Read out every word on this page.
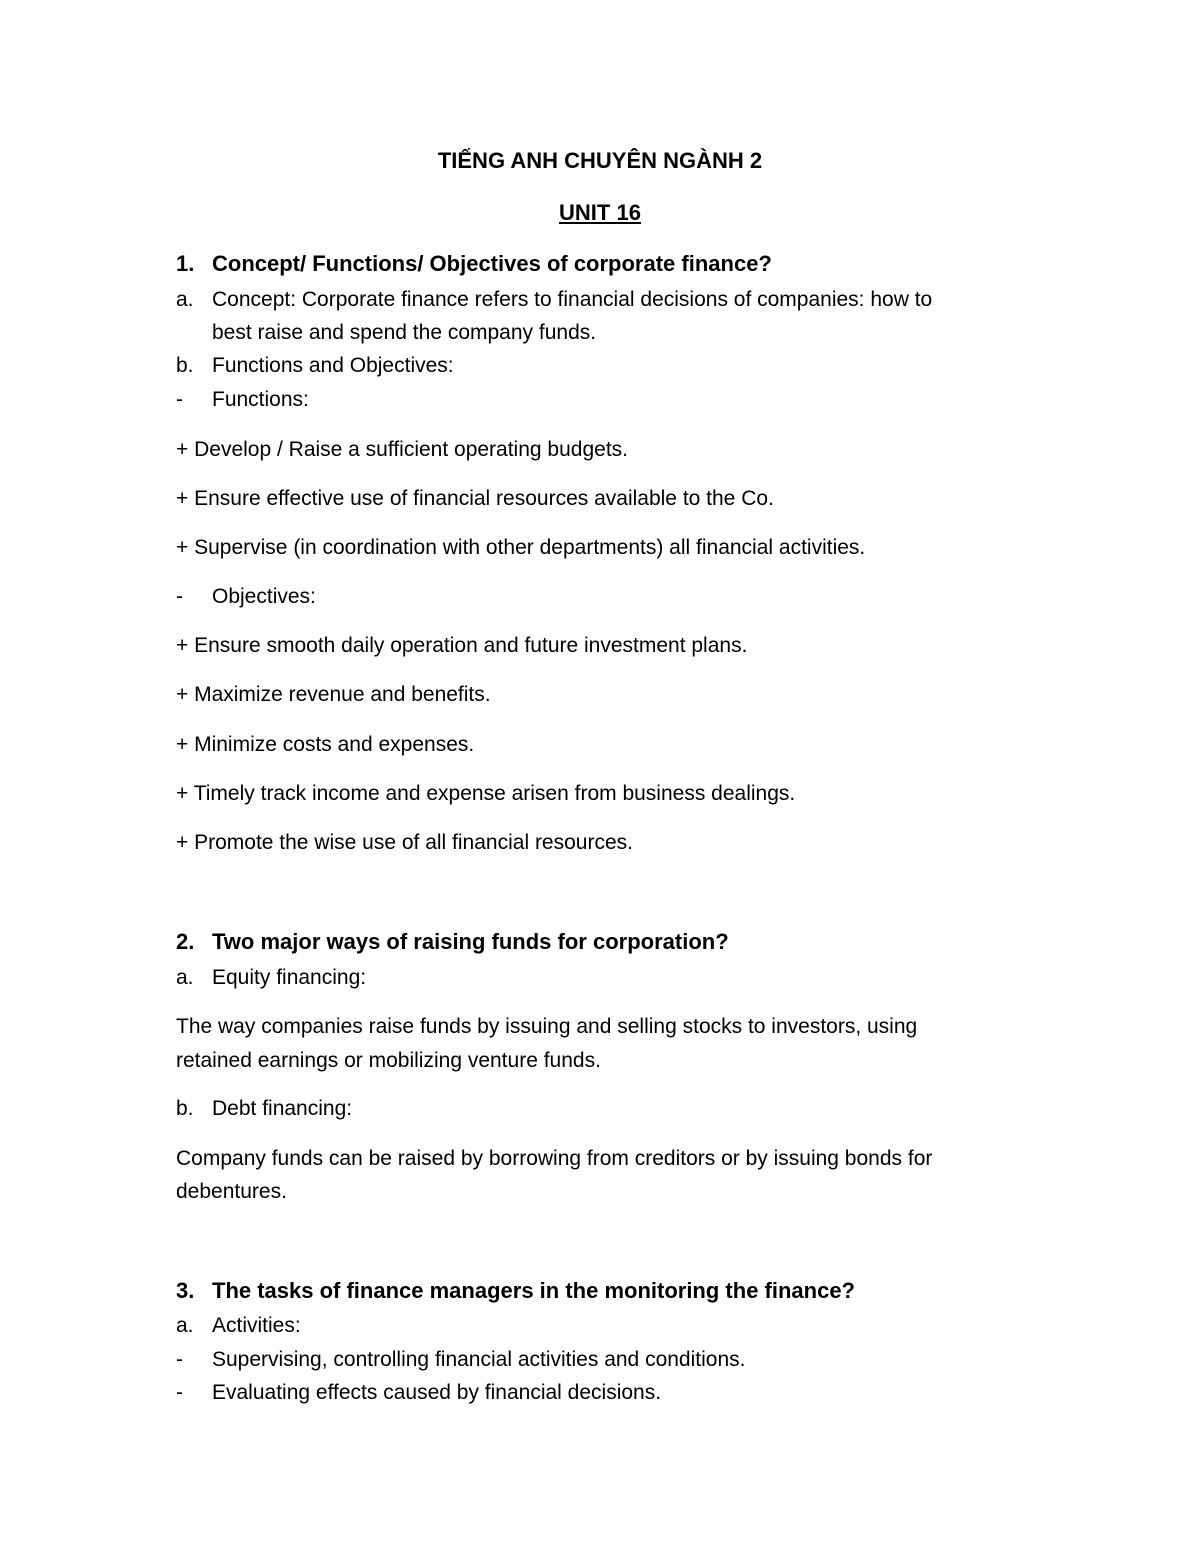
TIẾNG ANH CHUYÊN NGÀNH 2
UNIT 16
1. Concept/ Functions/ Objectives of corporate finance?
a. Concept: Corporate finance refers to financial decisions of companies: how to
best raise and spend the company funds.
b. Functions and Objectives:
- Functions:
+ Develop / Raise a sufficient operating budgets.
+ Ensure effective use of financial resources available to the Co.
+ Supervise (in coordination with other departments) all financial activities.
- Objectives:
+ Ensure smooth daily operation and future investment plans.
+ Maximize revenue and benefits.
+ Minimize costs and expenses.
+ Timely track income and expense arisen from business dealings.
+ Promote the wise use of all financial resources.
2. Two major ways of raising funds for corporation?
a. Equity financing:
The way companies raise funds by issuing and selling stocks to investors, using
retained earnings or mobilizing venture funds.
b. Debt financing:
Company funds can be raised by borrowing from creditors or by issuing bonds for
debentures.
3. The tasks of finance managers in the monitoring the finance?
a. Activities:
- Supervising, controlling financial activities and conditions.
- Evaluating effects caused by financial decisions.
